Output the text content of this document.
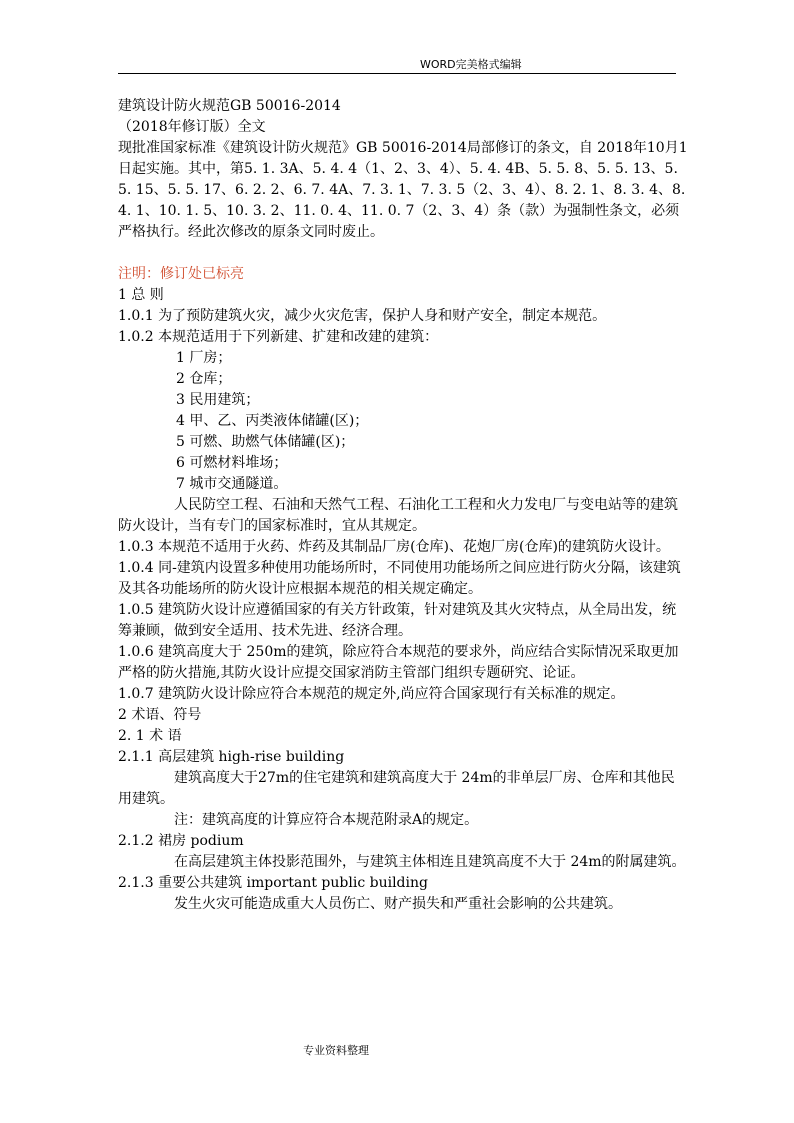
WORD完美格式编辑

建筑设计防火规范GB 50016-2014

（2018年修订版）全文

现批准国家标准《建筑设计防火规范》GB 50016-2014局部修订的条文，自 2018年10月1日起实施。其中，第5. 1. 3A、5. 4. 4（1、2、3、4）、5. 4. 4B、5. 5. 8、5. 5. 13、5. 5. 15、5. 5. 17、6. 2. 2、6. 7. 4A、7. 3. 1、7. 3. 5（2、3、4）、8. 2. 1、8. 3. 4、8. 4. 1、10. 1. 5、10. 3. 2、11. 0. 4、11. 0. 7（2、3、4）条（款）为强制性条文，必须严格执行。经此次修改的原条文同时废止。

注明：修订处已标亮

1 总 则

1.0.1 为了预防建筑火灾，减少火灾危害，保护人身和财产安全，制定本规范。

1.0.2 本规范适用于下列新建、扩建和改建的建筑：

1 厂房；

2 仓库；

3 民用建筑；

4 甲、乙、丙类液体储罐(区)；

5 可燃、助燃气体储罐(区)；

6 可燃材料堆场；

7 城市交通隧道。

人民防空工程、石油和天然气工程、石油化工工程和火力发电厂与变电站等的建筑防火设计，当有专门的国家标准时，宜从其规定。

1.0.3 本规范不适用于火药、炸药及其制品厂房(仓库)、花炮厂房(仓库)的建筑防火设计。

1.0.4 同-建筑内设置多种使用功能场所时，不同使用功能场所之间应进行防火分隔，该建筑及其各功能场所的防火设计应根据本规范的相关规定确定。

1.0.5 建筑防火设计应遵循国家的有关方针政策，针对建筑及其火灾特点，从全局出发，统筹兼顾，做到安全适用、技术先进、经济合理。

1.0.6 建筑高度大于 250m的建筑，除应符合本规范的要求外，尚应结合实际情况采取更加严格的防火措施,其防火设计应提交国家消防主管部门组织专题研究、论证。

1.0.7 建筑防火设计除应符合本规范的规定外,尚应符合国家现行有关标准的规定。

2 术语、符号

2. 1 术 语

2.1.1 高层建筑 high-rise building

建筑高度大于27m的住宅建筑和建筑高度大于 24m的非单层厂房、仓库和其他民用建筑。

注：建筑高度的计算应符合本规范附录A的规定。

2.1.2 裙房 podium

在高层建筑主体投影范围外，与建筑主体相连且建筑高度不大于 24m的附属建筑。

2.1.3 重要公共建筑 important public building

发生火灾可能造成重大人员伤亡、财产损失和严重社会影响的公共建筑。

专业资料整理
